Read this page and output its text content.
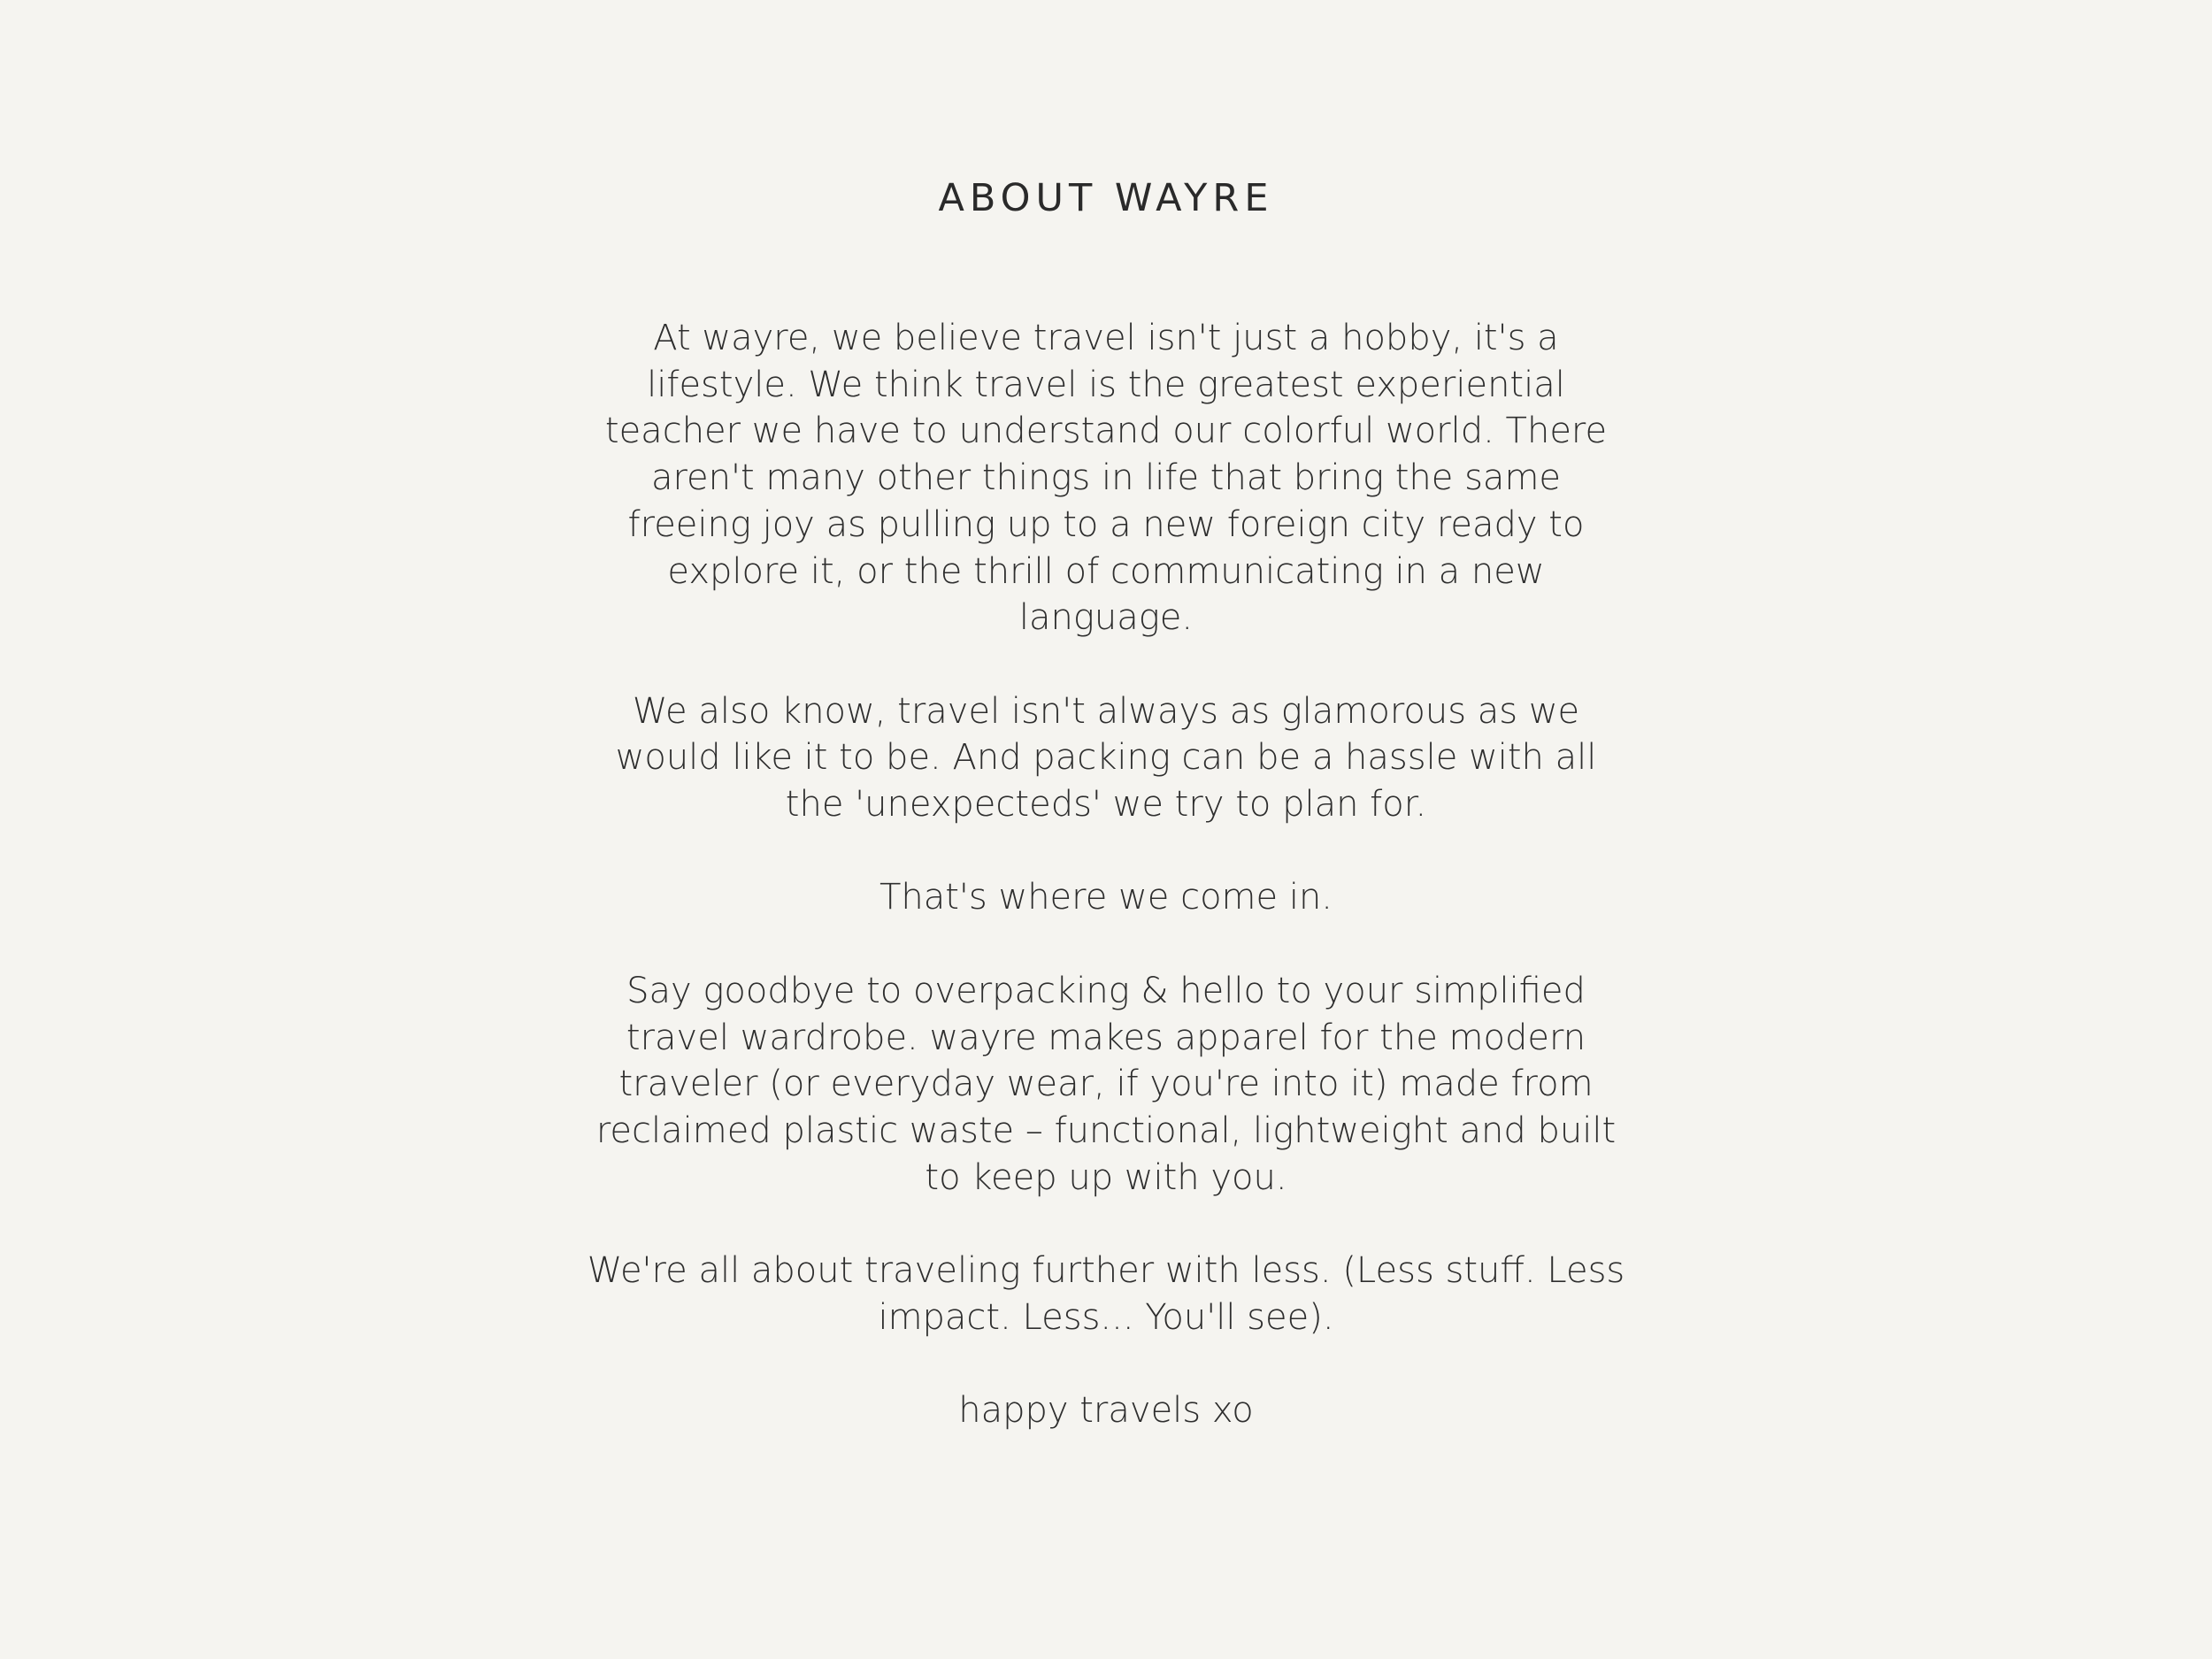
ABOUT WAYRE

At wayre, we believe travel isn't just a hobby, it's a lifestyle. We think travel is the greatest experiential teacher we have to understand our colorful world. There aren't many other things in life that bring the same freeing joy as pulling up to a new foreign city ready to explore it, or the thrill of communicating in a new language.

We also know, travel isn't always as glamorous as we would like it to be. And packing can be a hassle with all the 'unexpecteds' we try to plan for.

That's where we come in.

Say goodbye to overpacking & hello to your simplified travel wardrobe. wayre makes apparel for the modern traveler (or everyday wear, if you're into it) made from reclaimed plastic waste – functional, lightweight and built to keep up with you.

We're all about traveling further with less. (Less stuff. Less impact. Less... You'll see).

happy travels xo
